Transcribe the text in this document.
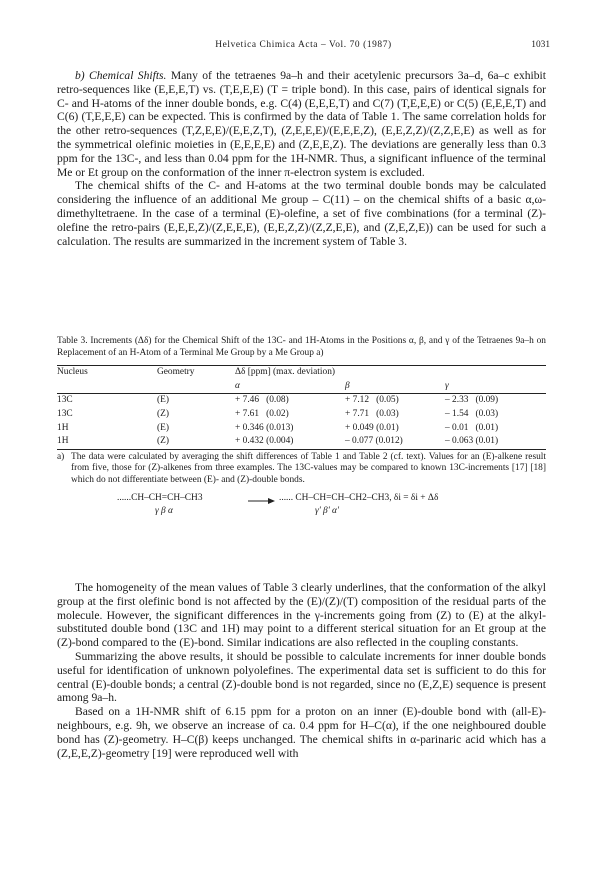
Helvetica Chimica Acta – Vol. 70 (1987)	1031

b) Chemical Shifts. Many of the tetraenes 9a–h and their acetylenic precursors 3a–d, 6a–c exhibit retro-sequences like (E,E,E,T) vs. (T,E,E,E) (T = triple bond). In this case, pairs of identical signals for C- and H-atoms of the inner double bonds, e.g. C(4) (E,E,E,T) and C(7) (T,E,E,E) or C(5) (E,E,E,T) and C(6) (T,E,E,E) can be expected. This is confirmed by the data of Table 1. The same correlation holds for the other retro-sequences (T,Z,E,E)/(E,E,Z,T), (Z,E,E,E)/(E,E,E,Z), (E,E,Z,Z)/(Z,Z,E,E) as well as for the symmetrical olefinic moieties in (E,E,E,E) and (Z,E,E,Z). The deviations are generally less than 0.3 ppm for the 13C-, and less than 0.04 ppm for the 1H-NMR. Thus, a significant influence of the terminal Me or Et group on the conformation of the inner π-electron system is excluded.

The chemical shifts of the C- and H-atoms at the two terminal double bonds may be calculated considering the influence of an additional Me group – C(11) – on the chemical shifts of a basic α,ω-dimethyltetraene. In the case of a terminal (E)-olefine, a set of five combinations (for a terminal (Z)-olefine the retro-pairs (E,E,E,Z)/(Z,E,E,E), (E,E,Z,Z)/(Z,Z,E,E), and (Z,E,Z,E)) can be used for such a calculation. The results are summarized in the increment system of Table 3.

Table 3. Increments (Δδ) for the Chemical Shift of the 13C- and 1H-Atoms in the Positions α, β, and γ of the Tetraenes 9a–h on Replacement of an H-Atom of a Terminal Me Group by a Me Group a)

Nucleus	Geometry	Δδ [ppm] (max. deviation)		
		α	β	γ
13C	(E)	+ 7.46   (0.08)	+ 7.12   (0.05)	– 2.33   (0.09)
13C	(Z)	+ 7.61   (0.02)	+ 7.71   (0.03)	– 1.54   (0.03)
1H	(E)	+ 0.346 (0.013)	+ 0.049 (0.01)	– 0.01   (0.01)
1H	(Z)	+ 0.432 (0.004)	– 0.077 (0.012)	– 0.063 (0.01)
a) The data were calculated by averaging the shift differences of Table 1 and Table 2 (cf. text). Values for an (E)-alkene result from five, those for (Z)-alkenes from three examples. The 13C-values may be compared to known 13C-increments [17] [18] which do not differentiate between (E)- and (Z)-double bonds.
......CH–CH=CH–CH3
γ β α
...... CH–CH=CH–CH2–CH3, δi = δi + Δδ
γ' β' α'

The homogeneity of the mean values of Table 3 clearly underlines, that the conformation of the alkyl group at the first olefinic bond is not affected by the (E)/(Z)/(T) composition of the residual parts of the molecule. However, the significant differences in the γ-increments going from (Z) to (E) at the alkyl-substituted double bond (13C and 1H) may point to a different sterical situation for an Et group at the (Z)-bond compared to the (E)-bond. Similar indications are also reflected in the coupling constants.

Summarizing the above results, it should be possible to calculate increments for inner double bonds useful for identification of unknown polyolefines. The experimental data set is sufficient to do this for central (E)-double bonds; a central (Z)-double bond is not regarded, since no (E,Z,E) sequence is present among 9a–h.

Based on a 1H-NMR shift of 6.15 ppm for a proton on an inner (E)-double bond with (all-E)-neighbours, e.g. 9h, we observe an increase of ca. 0.4 ppm for H–C(α), if the one neighboured double bond has (Z)-geometry. H–C(β) keeps unchanged. The chemical shifts in α-parinaric acid which has a (Z,E,E,Z)-geometry [19] were reproduced well with
